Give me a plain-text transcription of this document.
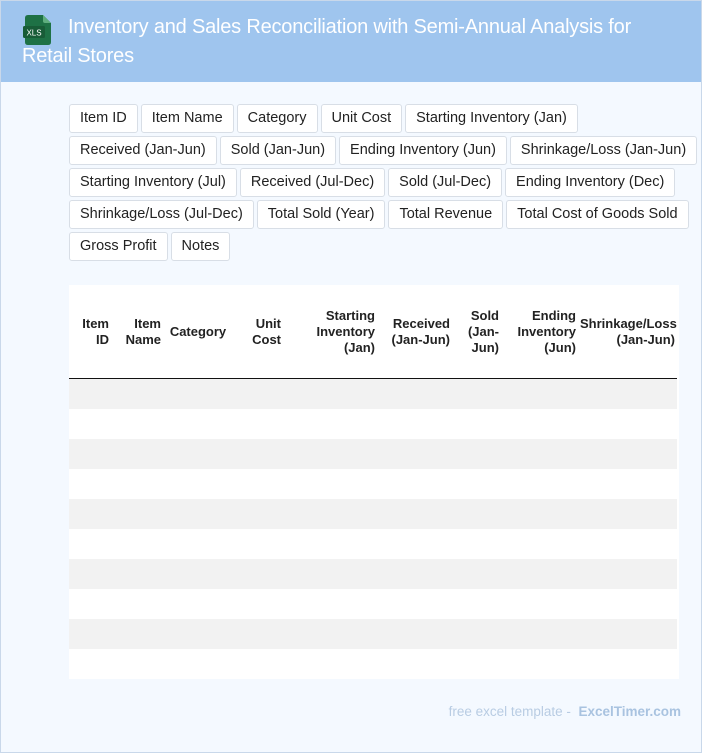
XLS	Inventory and Sales Reconciliation with Semi-Annual Analysis for Retail Stores
Item ID	Item Name	Category	Unit Cost	Starting Inventory (Jan)
Received (Jan-Jun)	Sold (Jan-Jun)	Ending Inventory (Jun)	Shrinkage/Loss (Jan-Jun)
Starting Inventory (Jul)	Received (Jul-Dec)	Sold (Jul-Dec)	Ending Inventory (Dec)
Shrinkage/Loss (Jul-Dec)	Total Sold (Year)	Total Revenue	Total Cost of Goods Sold
Gross Profit	Notes
Item ID	Item Name	Category	Unit Cost	Starting Inventory (Jan)	Received (Jan-Jun)	Sold (Jan-Jun)	Ending Inventory (Jun)	Shrinkage/Loss (Jan-Jun)

free excel template - ExcelTimer.com
